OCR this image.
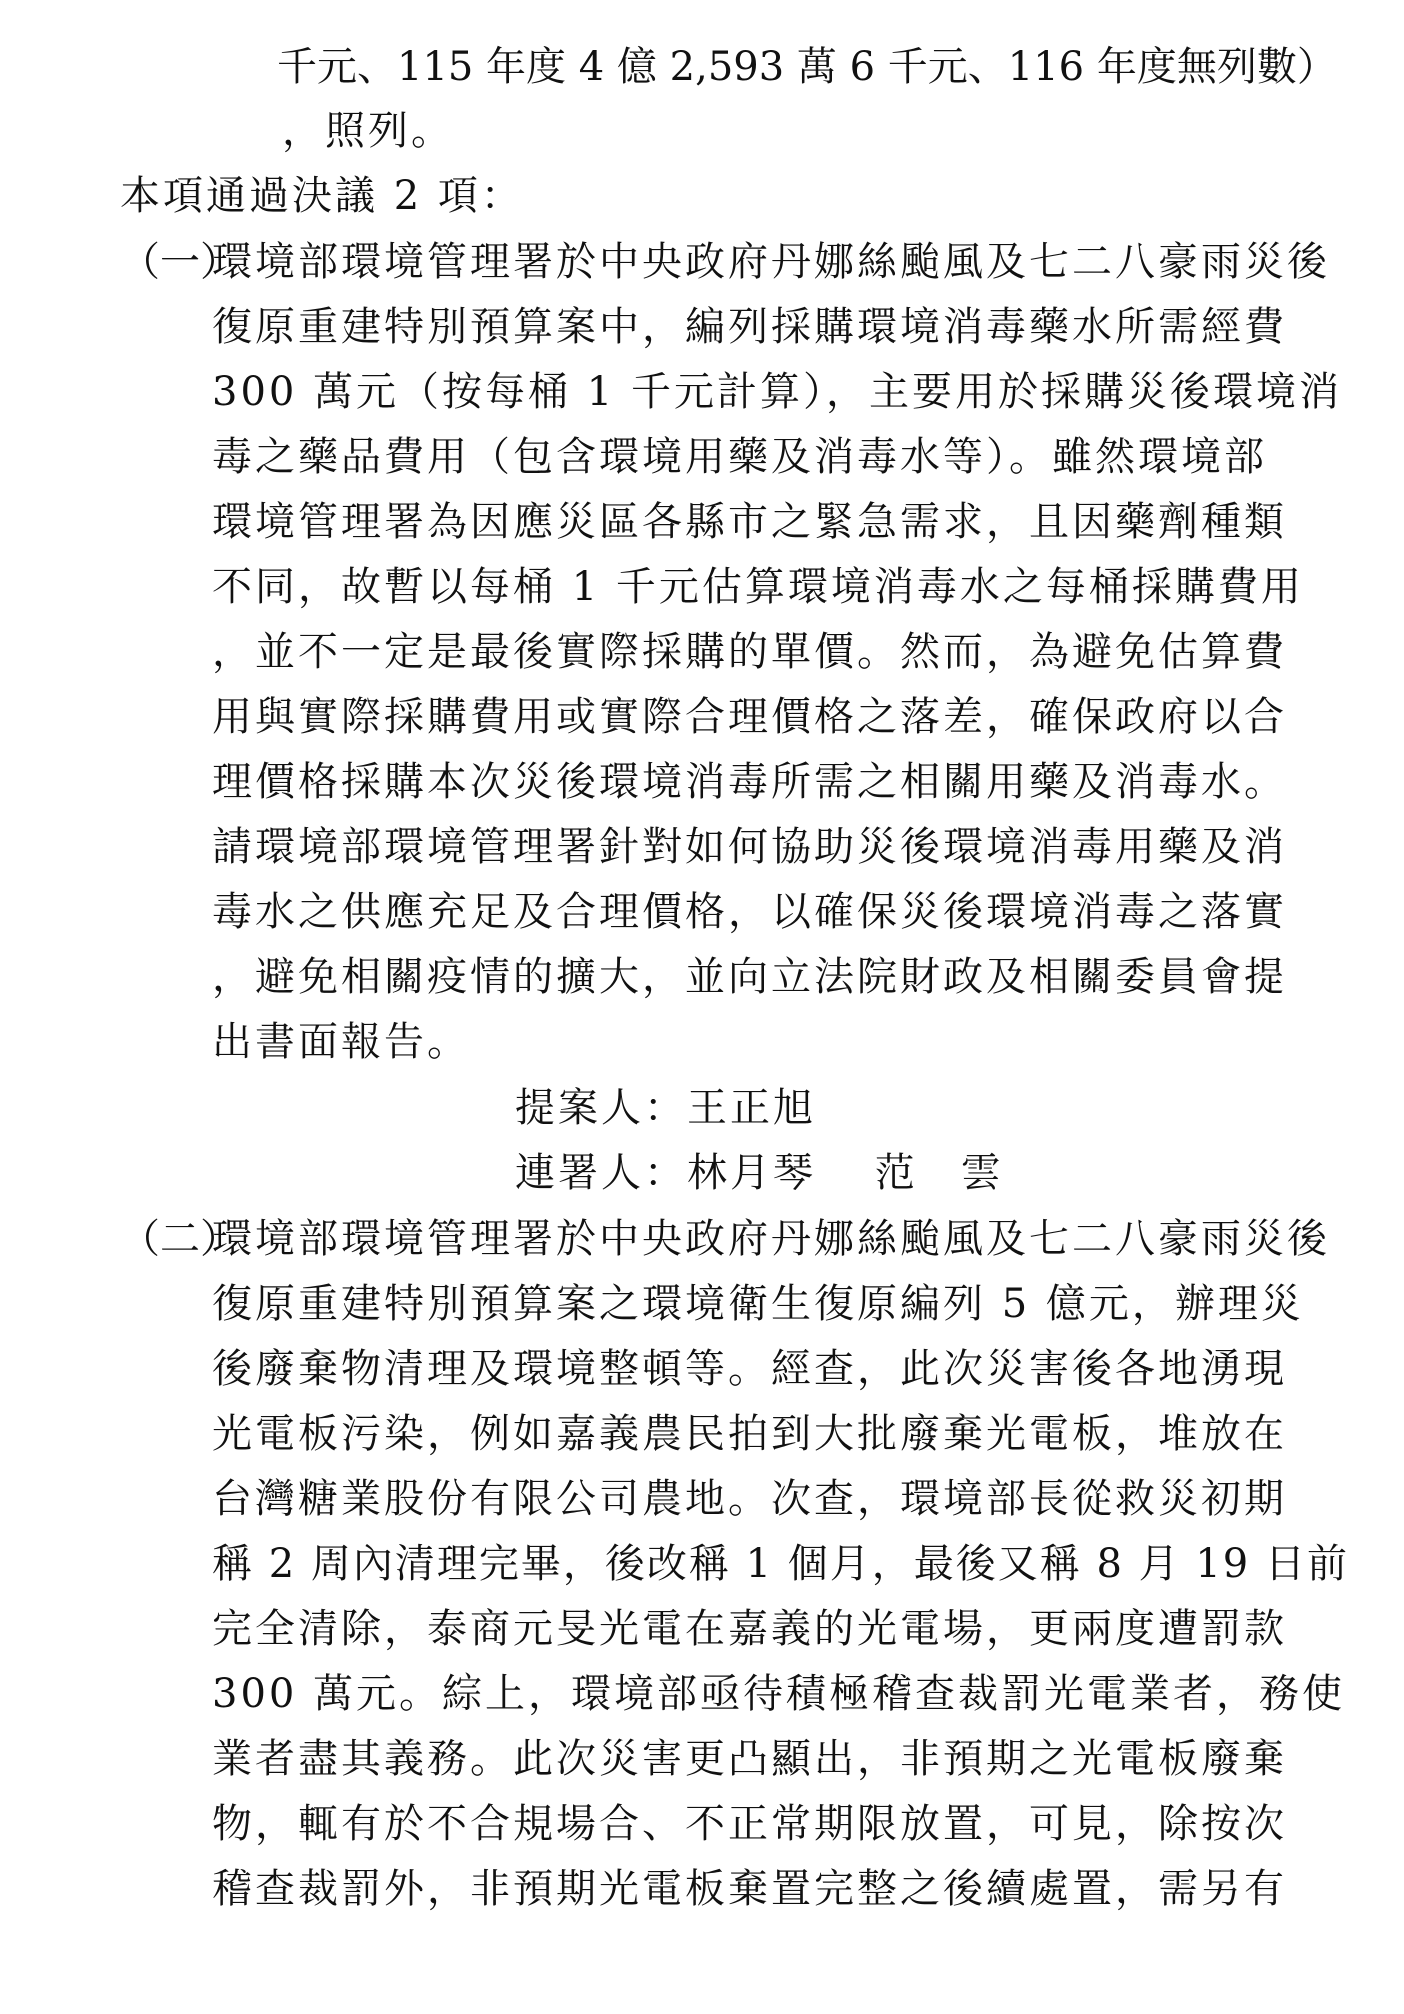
千元、115 年度 4 億 2,593 萬 6 千元、116 年度無列數）
，照列。
本項通過決議 2 項：
（一）
環境部環境管理署於中央政府丹娜絲颱風及七二八豪雨災後
復原重建特別預算案中，編列採購環境消毒藥水所需經費
300 萬元（按每桶 1 千元計算），主要用於採購災後環境消
毒之藥品費用（包含環境用藥及消毒水等）。雖然環境部
環境管理署為因應災區各縣市之緊急需求，且因藥劑種類
不同，故暫以每桶 1 千元估算環境消毒水之每桶採購費用
，並不一定是最後實際採購的單價。然而，為避免估算費
用與實際採購費用或實際合理價格之落差，確保政府以合
理價格採購本次災後環境消毒所需之相關用藥及消毒水。
請環境部環境管理署針對如何協助災後環境消毒用藥及消
毒水之供應充足及合理價格，以確保災後環境消毒之落實
，避免相關疫情的擴大，並向立法院財政及相關委員會提
出書面報告。
提案人：王正旭
連署人：林月琴　 范　雲
（二）
環境部環境管理署於中央政府丹娜絲颱風及七二八豪雨災後
復原重建特別預算案之環境衛生復原編列 5 億元，辦理災
後廢棄物清理及環境整頓等。經查，此次災害後各地湧現
光電板污染，例如嘉義農民拍到大批廢棄光電板，堆放在
台灣糖業股份有限公司農地。次查，環境部長從救災初期
稱 2 周內清理完畢，後改稱 1 個月，最後又稱 8 月 19 日前
完全清除，泰商元旻光電在嘉義的光電場，更兩度遭罰款
300 萬元。綜上，環境部亟待積極稽查裁罰光電業者，務使
業者盡其義務。此次災害更凸顯出，非預期之光電板廢棄
物，輒有於不合規場合、不正常期限放置，可見，除按次
稽查裁罰外，非預期光電板棄置完整之後續處置，需另有
